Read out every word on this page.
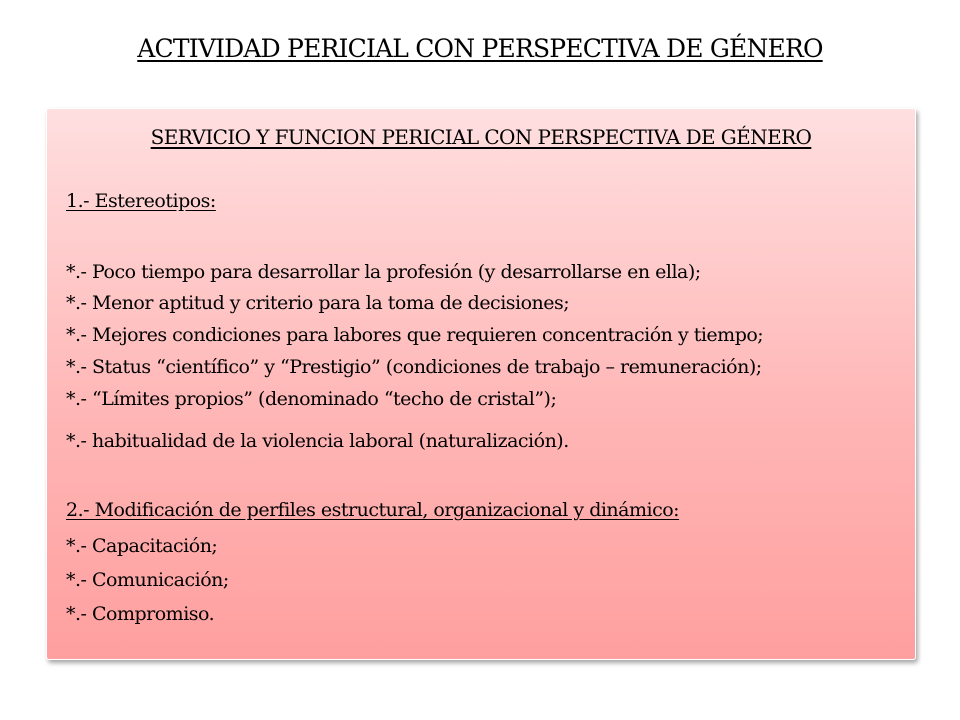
ACTIVIDAD PERICIAL CON PERSPECTIVA DE GÉNERO
SERVICIO Y FUNCION PERICIAL CON PERSPECTIVA DE GÉNERO
1.- Estereotipos:
*.- Poco tiempo para desarrollar la profesión (y desarrollarse en ella);
*.- Menor aptitud y criterio para la toma de decisiones;
*.- Mejores condiciones para labores que requieren concentración y tiempo;
*.- Status “científico” y “Prestigio” (condiciones de trabajo – remuneración);
*.- “Límites propios” (denominado “techo de cristal”);
*.- habitualidad de la violencia laboral (naturalización).
2.- Modificación de perfiles estructural, organizacional y dinámico:
*.- Capacitación;
*.- Comunicación;
*.- Compromiso.
